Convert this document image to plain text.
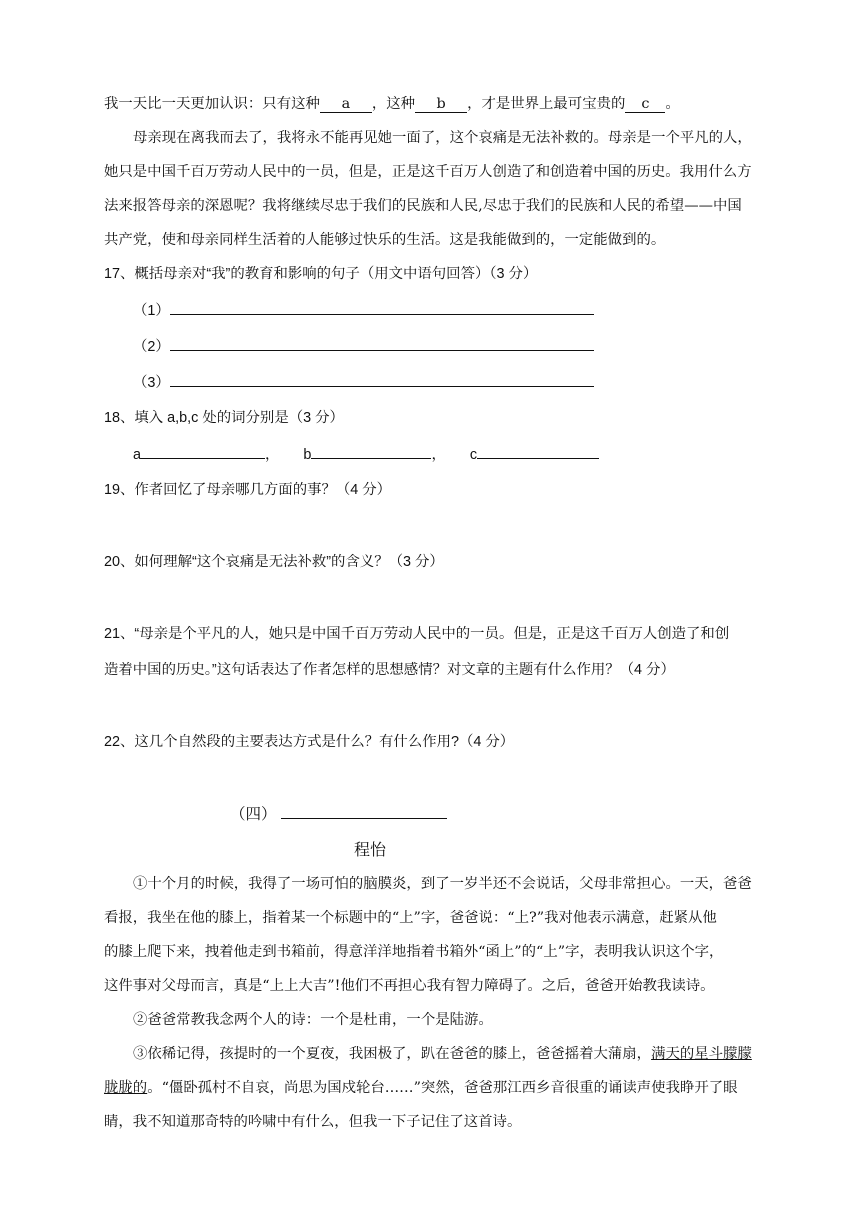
我一天比一天更加认识：只有这种 a ，这种 b ，才是世界上最可宝贵的 c 。
母亲现在离我而去了，我将永不能再见她一面了，这个哀痛是无法补救的。母亲是一个平凡的人，
她只是中国千百万劳动人民中的一员，但是，正是这千百万人创造了和创造着中国的历史。我用什么方
法来报答母亲的深恩呢？我将继续尽忠于我们的民族和人民,尽忠于我们的民族和人民的希望——中国
共产党，使和母亲同样生活着的人能够过快乐的生活。这是我能做到的，一定能做到的。
17、概括母亲对“我”的教育和影响的句子（用文中语句回答）（3 分）
（1）
（2）
（3）
18、填入 a,b,c 处的词分别是（3 分）
a	， b	， c
19、作者回忆了母亲哪几方面的事？（4 分）
20、如何理解“这个哀痛是无法补救”的含义？（3 分）
21、“母亲是个平凡的人，她只是中国千百万劳动人民中的一员。但是，正是这千百万人创造了和创
造着中国的历史。”这句话表达了作者怎样的思想感情？对文章的主题有什么作用？（4 分）
22、这几个自然段的主要表达方式是什么？有什么作用?（4 分）
（四）
程怡
①十个月的时候，我得了一场可怕的脑膜炎，到了一岁半还不会说话，父母非常担心。一天，爸爸
看报，我坐在他的膝上，指着某一个标题中的“上”字，爸爸说：“上?”我对他表示满意，赶紧从他
的膝上爬下来，拽着他走到书箱前，得意洋洋地指着书箱外“函上”的“上”字，表明我认识这个字，
这件事对父母而言，真是“上上大吉”!他们不再担心我有智力障碍了。之后，爸爸开始教我读诗。
②爸爸常教我念两个人的诗：一个是杜甫，一个是陆游。
③依稀记得，孩提时的一个夏夜，我困极了，趴在爸爸的膝上，爸爸摇着大蒲扇，满天的星斗朦朦
胧胧的。“僵卧孤村不自哀，尚思为国戍轮台……”突然，爸爸那江西乡音很重的诵读声使我睁开了眼
睛，我不知道那奇特的吟啸中有什么，但我一下子记住了这首诗。
